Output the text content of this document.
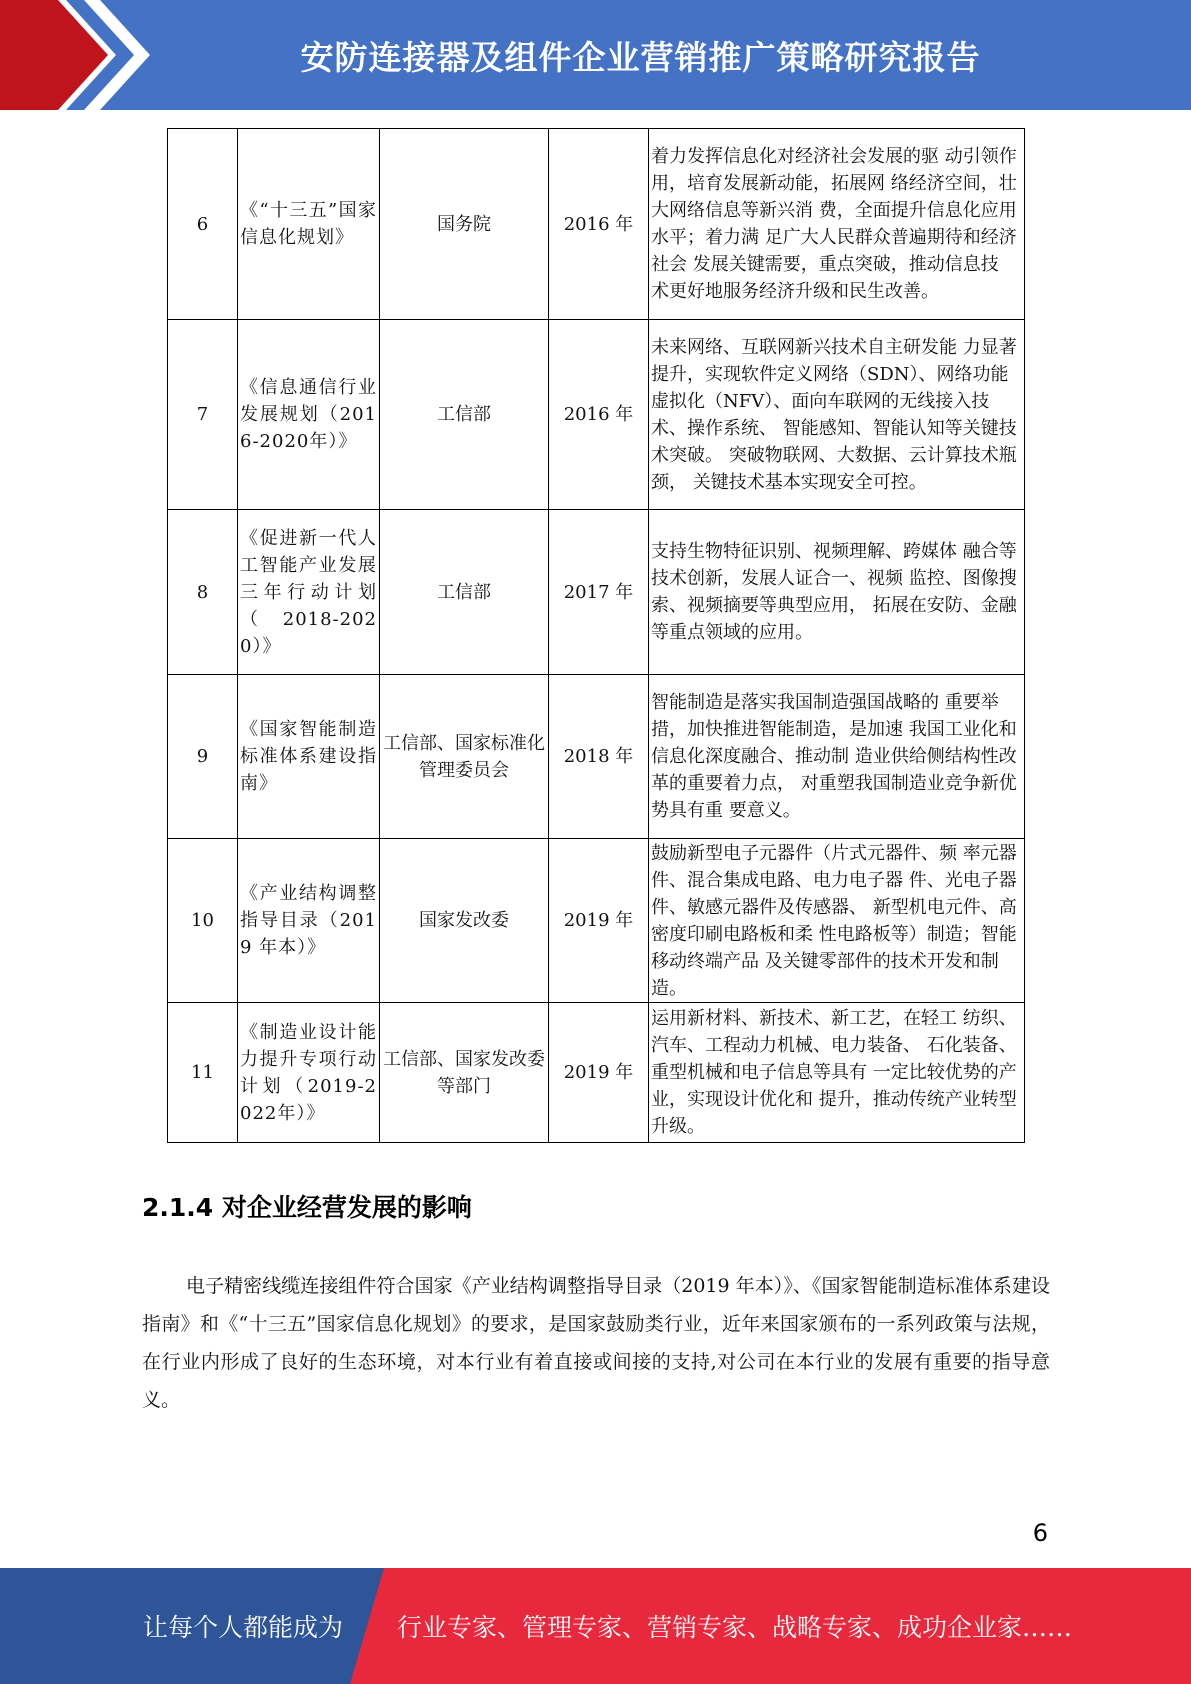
安防连接器及组件企业营销推广策略研究报告
6	《“十三五”国家信息化规划》	国务院	2016 年	着力发挥信息化对经济社会发展的驱 动引领作用，培育发展新动能，拓展网 络经济空间，壮大网络信息等新兴消 费，全面提升信息化应用水平；着力满 足广大人民群众普遍期待和经济社会 发展关键需要，重点突破，推动信息技 术更好地服务经济升级和民生改善。
7	《信息通信行业发展规划（2016-2020年）》	工信部	2016 年	未来网络、互联网新兴技术自主研发能 力显著提升，实现软件定义网络（SDN）、网络功能虚拟化（NFV）、面向车联网的无线接入技术、操作系统、 智能感知、智能认知等关键技术突破。 突破物联网、大数据、云计算技术瓶颈， 关键技术基本实现安全可控。
8	《促进新一代人工智能产业发展三年行动计划（2018-2020）》	工信部	2017 年	支持生物特征识别、视频理解、跨媒体 融合等技术创新，发展人证合一、视频 监控、图像搜索、视频摘要等典型应用， 拓展在安防、金融等重点领域的应用。
9	《国家智能制造标准体系建设指南》	工信部、国家标准化管理委员会	2018 年	智能制造是落实我国制造强国战略的 重要举措，加快推进智能制造，是加速 我国工业化和信息化深度融合、推动制 造业供给侧结构性改革的重要着力点， 对重塑我国制造业竞争新优势具有重 要意义。
10	《产业结构调整指导目录（2019 年本）》	国家发改委	2019 年	鼓励新型电子元器件（片式元器件、频 率元器件、混合集成电路、电力电子器 件、光电子器件、敏感元器件及传感器、 新型机电元件、高密度印刷电路板和柔 性电路板等）制造；智能移动终端产品 及关键零部件的技术开发和制造。
11	《制造业设计能力提升专项行动计划（2019-2022年）》	工信部、国家发改委等部门	2019 年	运用新材料、新技术、新工艺，在轻工 纺织、汽车、工程动力机械、电力装备、 石化装备、重型机械和电子信息等具有 一定比较优势的产业，实现设计优化和 提升，推动传统产业转型升级。
2.1.4 对企业经营发展的影响

电子精密线缆连接组件符合国家《产业结构调整指导目录（2019 年本）》、《国家智能制造标准体系建设指南》和《“十三五”国家信息化规划》的要求，是国家鼓励类行业，近年来国家颁布的一系列政策与法规，在行业内形成了良好的生态环境，对本行业有着直接或间接的支持,对公司在本行业的发展有重要的指导意义。

6
让每个人都能成为 行业专家、管理专家、营销专家、战略专家、成功企业家……
